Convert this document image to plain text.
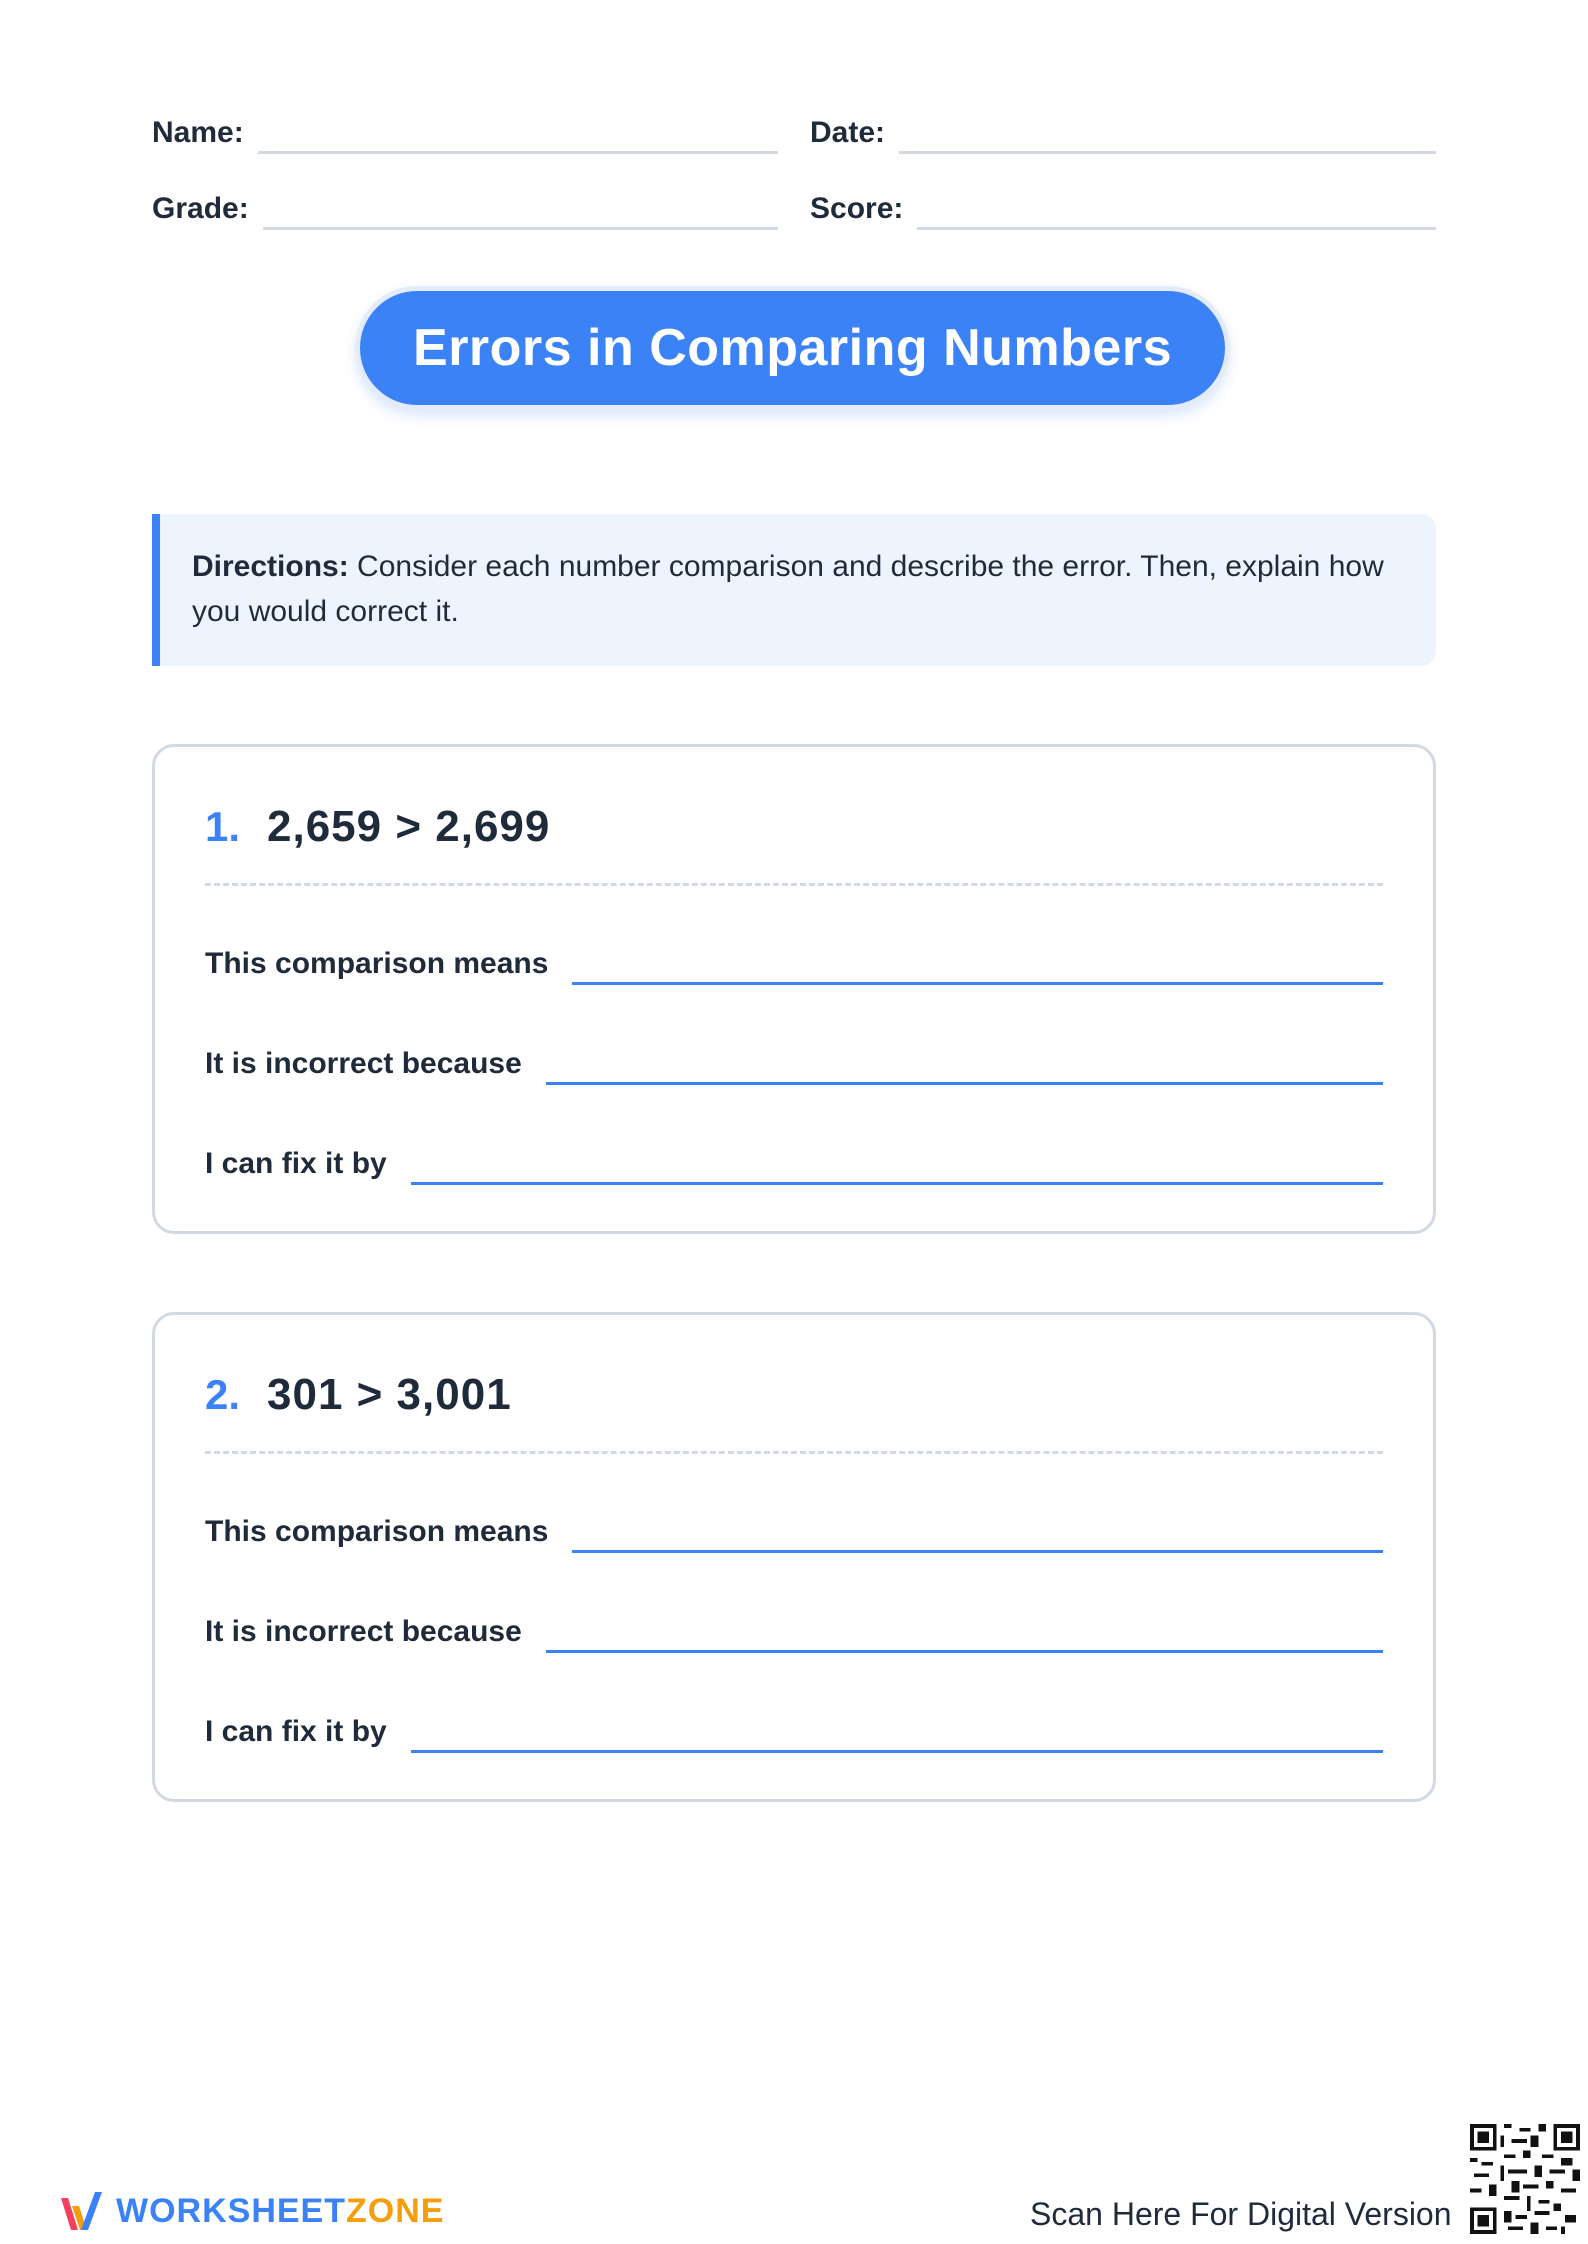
Name:	Date:
Grade:	Score:
Errors in Comparing Numbers
Directions: Consider each number comparison and describe the error. Then, explain how you would correct it.
1. 2,659 > 2,699
This comparison means
It is incorrect because
I can fix it by
2. 301 > 3,001
This comparison means
It is incorrect because
I can fix it by
WORKSHEETZONE	Scan Here For Digital Version
